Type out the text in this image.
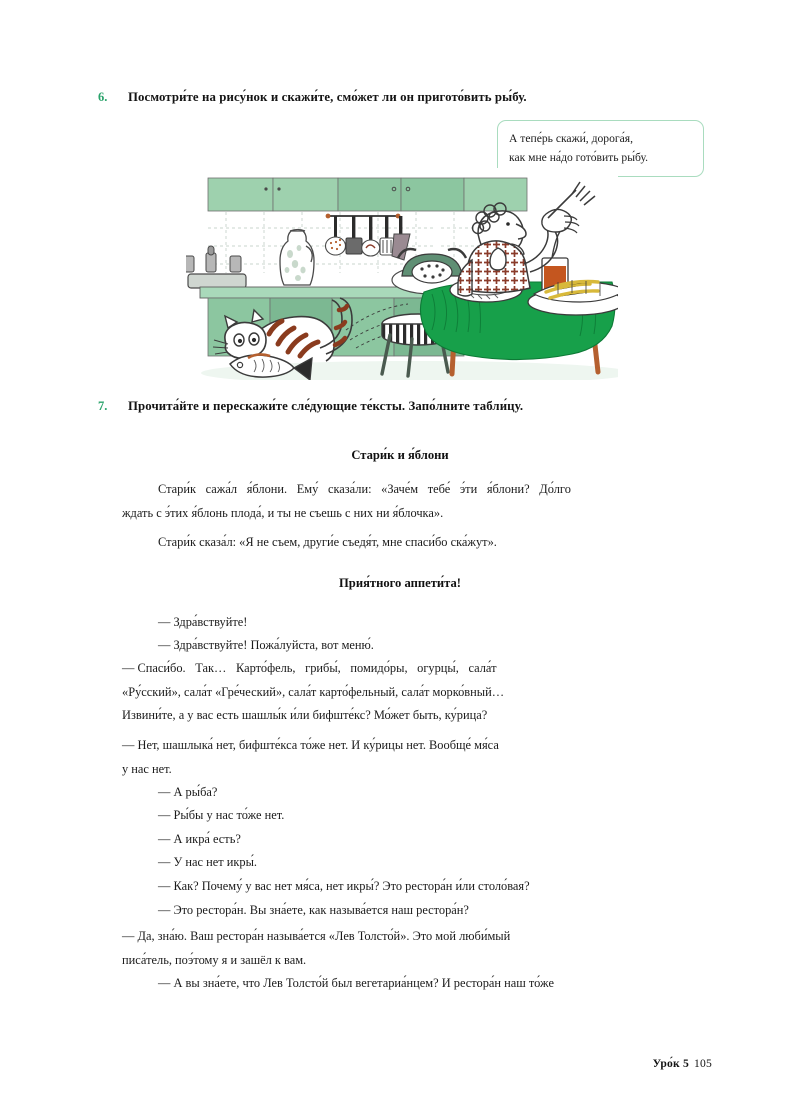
6.	Посмотри́те на рису́нок и скажи́те, смо́жет ли он пригото́вить ры́бу.
А тепе́рь скажи́, дорога́я,
как мне на́до гото́вить ры́бу.
7.	Прочита́йте и перескажи́те сле́дующие те́ксты. Запо́лните табли́цу.
Стари́к и я́блони
Стари́к сажа́л я́блони. Ему́ сказа́ли: «Заче́м тебе́ э́ти я́блони? До́лго
ждать с э́тих я́блонь плода́, и ты не съешь с них ни я́блочка».
Стари́к сказа́л: «Я не съем, други́е съедя́т, мне спаси́бо ска́жут».
Прия́тного аппети́та!
— Здра́вствуйте!
— Здра́вствуйте! Пожа́луйста, вот меню́.
— Спаси́бо. Так… Карто́фель, грибы́, помидо́ры, огурцы́, сала́т
«Ру́сский», сала́т «Гре́ческий», сала́т карто́фельный, сала́т морко́вный…
Извини́те, а у вас есть шашлы́к и́ли бифште́кс? Мо́жет быть, ку́рица?
— Нет, шашлыка́ нет, бифште́кса то́же нет. И ку́рицы нет. Вообще́ мя́са
у нас нет.
— А ры́ба?
— Ры́бы у нас то́же нет.
— А икра́ есть?
— У нас нет икры́.
— Как? Почему́ у вас нет мя́са, нет икры́? Это рестора́н и́ли столо́вая?
— Это рестора́н. Вы зна́ете, как называ́ется наш рестора́н?
— Да, зна́ю. Ваш рестора́н называ́ется «Лев Толсто́й». Это мой люби́мый
писа́тель, поэ́тому я и зашёл к вам.
— А вы зна́ете, что Лев Толсто́й был вегетариа́нцем? И рестора́н наш то́же
Уро́к 5 105
